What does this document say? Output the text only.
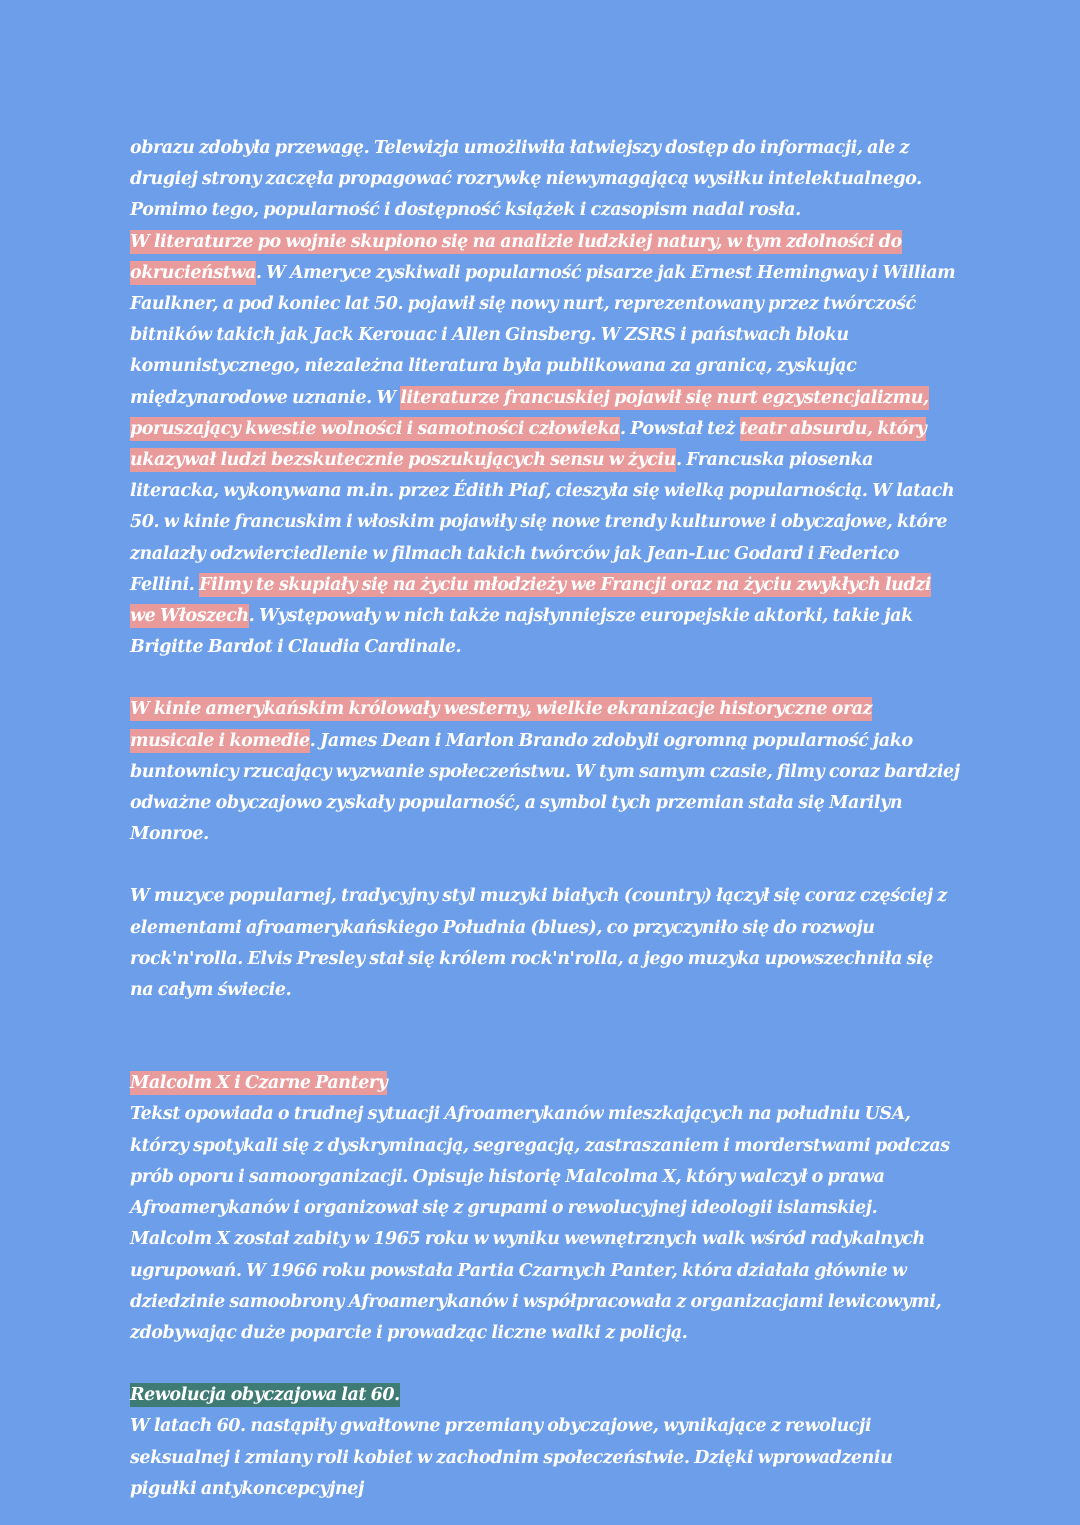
obrazu zdobyła przewagę. Telewizja umożliwiła łatwiejszy dostęp do informacji, ale z drugiej strony zaczęła propagować rozrywkę niewymagającą wysiłku intelektualnego. Pomimo tego, popularność i dostępność książek i czasopism nadal rosła.

W literaturze po wojnie skupiono się na analizie ludzkiej natury, w tym zdolności do okrucieństwa. W Ameryce zyskiwali popularność pisarze jak Ernest Hemingway i William Faulkner, a pod koniec lat 50. pojawił się nowy nurt, reprezentowany przez twórczość bitników takich jak Jack Kerouac i Allen Ginsberg. W ZSRS i państwach bloku komunistycznego, niezależna literatura była publikowana za granicą, zyskując międzynarodowe uznanie. W literaturze francuskiej pojawił się nurt egzystencjalizmu, poruszający kwestie wolności i samotności człowieka. Powstał też teatr absurdu, który ukazywał ludzi bezskutecznie poszukujących sensu w życiu. Francuska piosenka literacka, wykonywana m.in. przez Édith Piaf, cieszyła się wielką popularnością. W latach 50. w kinie francuskim i włoskim pojawiły się nowe trendy kulturowe i obyczajowe, które znalazły odzwierciedlenie w filmach takich twórców jak Jean-Luc Godard i Federico Fellini. Filmy te skupiały się na życiu młodzieży we Francji oraz na życiu zwykłych ludzi we Włoszech. Występowały w nich także najsłynniejsze europejskie aktorki, takie jak Brigitte Bardot i Claudia Cardinale.

W kinie amerykańskim królowały westerny, wielkie ekranizacje historyczne oraz musicale i komedie. James Dean i Marlon Brando zdobyli ogromną popularność jako buntownicy rzucający wyzwanie społeczeństwu. W tym samym czasie, filmy coraz bardziej odważne obyczajowo zyskały popularność, a symbol tych przemian stała się Marilyn Monroe.

W muzyce popularnej, tradycyjny styl muzyki białych (country) łączył się coraz częściej z elementami afroamerykańskiego Południa (blues), co przyczyniło się do rozwoju rock'n'rolla. Elvis Presley stał się królem rock'n'rolla, a jego muzyka upowszechniła się na całym świecie.

Malcolm X i Czarne Pantery
Tekst opowiada o trudnej sytuacji Afroamerykanów mieszkających na południu USA, którzy spotykali się z dyskryminacją, segregacją, zastraszaniem i morderstwami podczas prób oporu i samoorganizacji. Opisuje historię Malcolma X, który walczył o prawa Afroamerykanów i organizował się z grupami o rewolucyjnej ideologii islamskiej. Malcolm X został zabity w 1965 roku w wyniku wewnętrznych walk wśród radykalnych ugrupowań. W 1966 roku powstała Partia Czarnych Panter, która działała głównie w dziedzinie samoobrony Afroamerykanów i współpracowała z organizacjami lewicowymi, zdobywając duże poparcie i prowadząc liczne walki z policją.

Rewolucja obyczajowa lat 60.
W latach 60. nastąpiły gwałtowne przemiany obyczajowe, wynikające z rewolucji seksualnej i zmiany roli kobiet w zachodnim społeczeństwie. Dzięki wprowadzeniu pigułki antykoncepcyjnej
